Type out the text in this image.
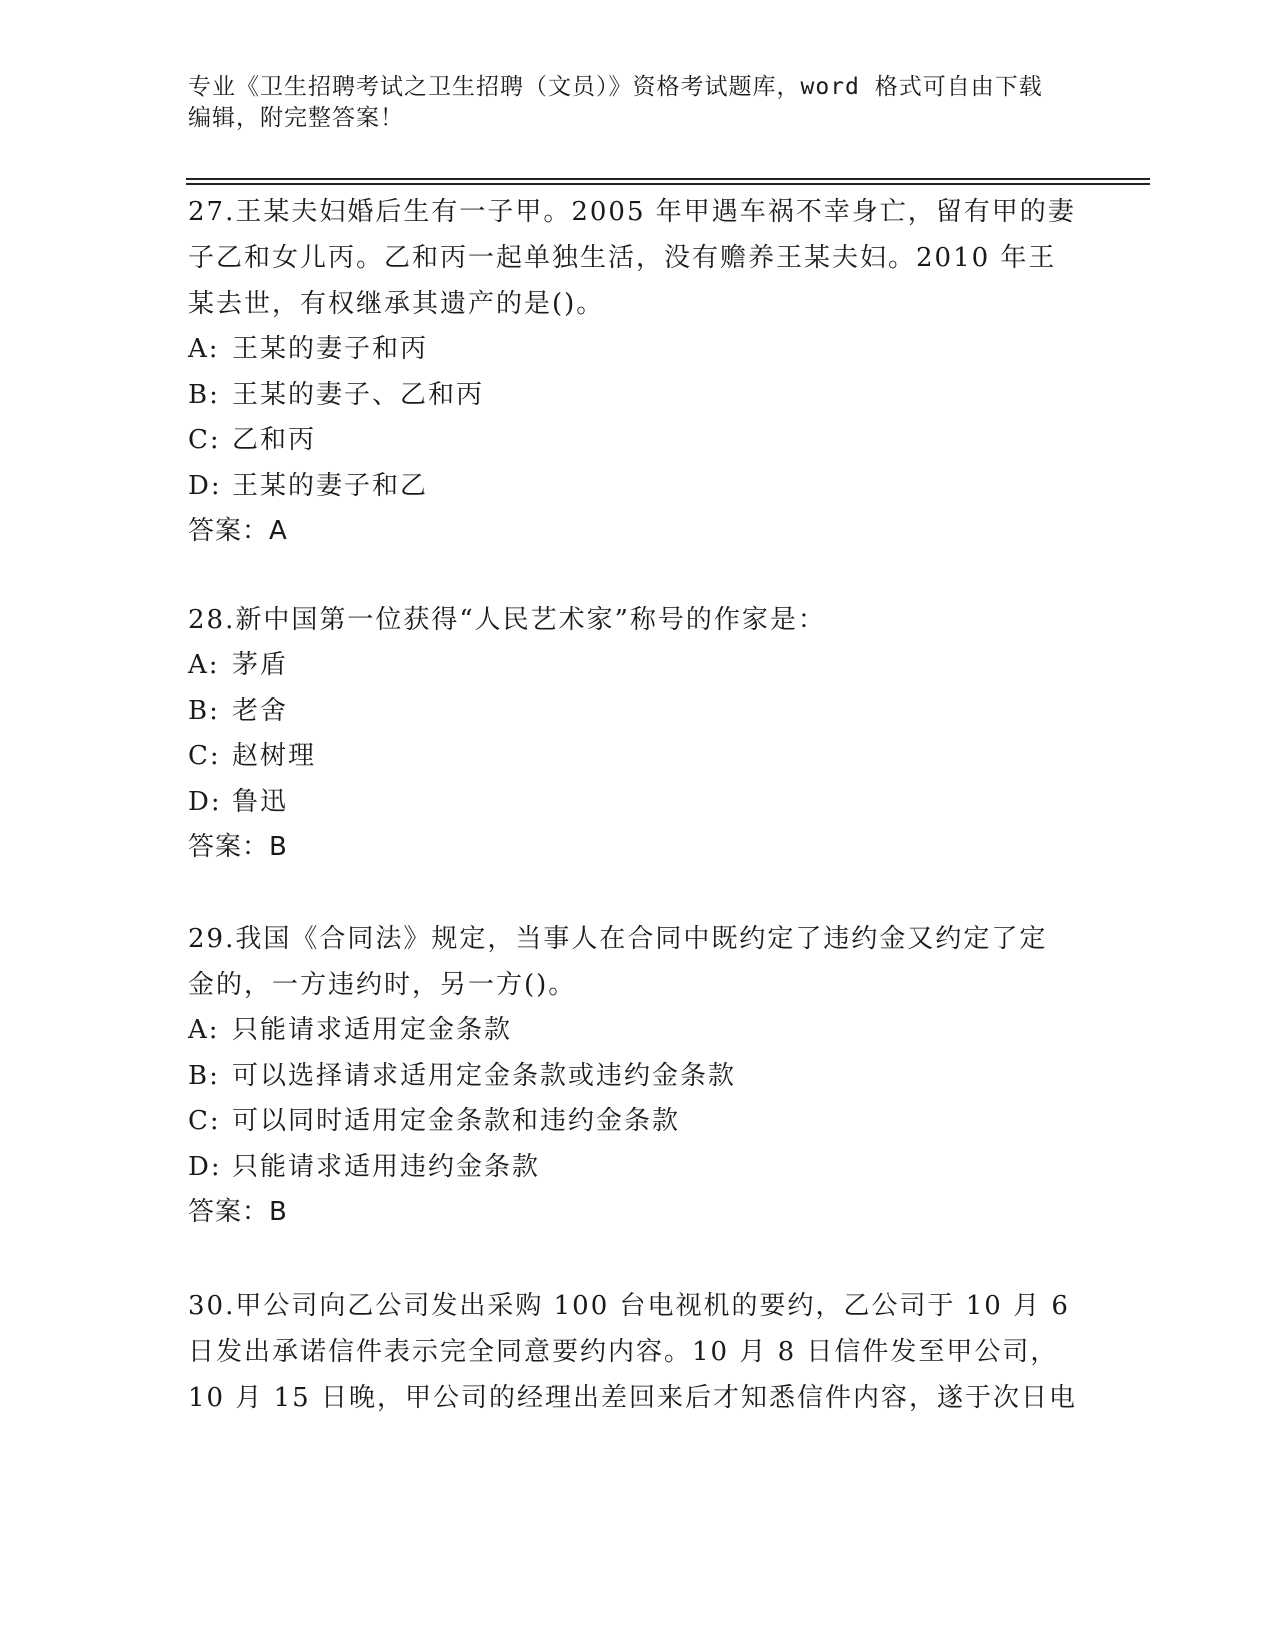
专业《卫生招聘考试之卫生招聘（文员）》资格考试题库，word 格式可自由下载
编辑，附完整答案！

27.王某夫妇婚后生有一子甲。2005 年甲遇车祸不幸身亡，留有甲的妻

子乙和女儿丙。乙和丙一起单独生活，没有赡养王某夫妇。2010 年王

某去世，有权继承其遗产的是()。

A: 王某的妻子和丙

B: 王某的妻子、乙和丙

C: 乙和丙

D: 王某的妻子和乙

答案：A

28.新中国第一位获得“人民艺术家”称号的作家是：

A: 茅盾

B: 老舍

C: 赵树理

D: 鲁迅

答案：B

29.我国《合同法》规定，当事人在合同中既约定了违约金又约定了定

金的，一方违约时，另一方()。

A: 只能请求适用定金条款

B: 可以选择请求适用定金条款或违约金条款

C: 可以同时适用定金条款和违约金条款

D: 只能请求适用违约金条款

答案：B

30.甲公司向乙公司发出采购 100 台电视机的要约，乙公司于 10 月 6

日发出承诺信件表示完全同意要约内容。10 月 8 日信件发至甲公司，

10 月 15 日晚，甲公司的经理出差回来后才知悉信件内容，遂于次日电
